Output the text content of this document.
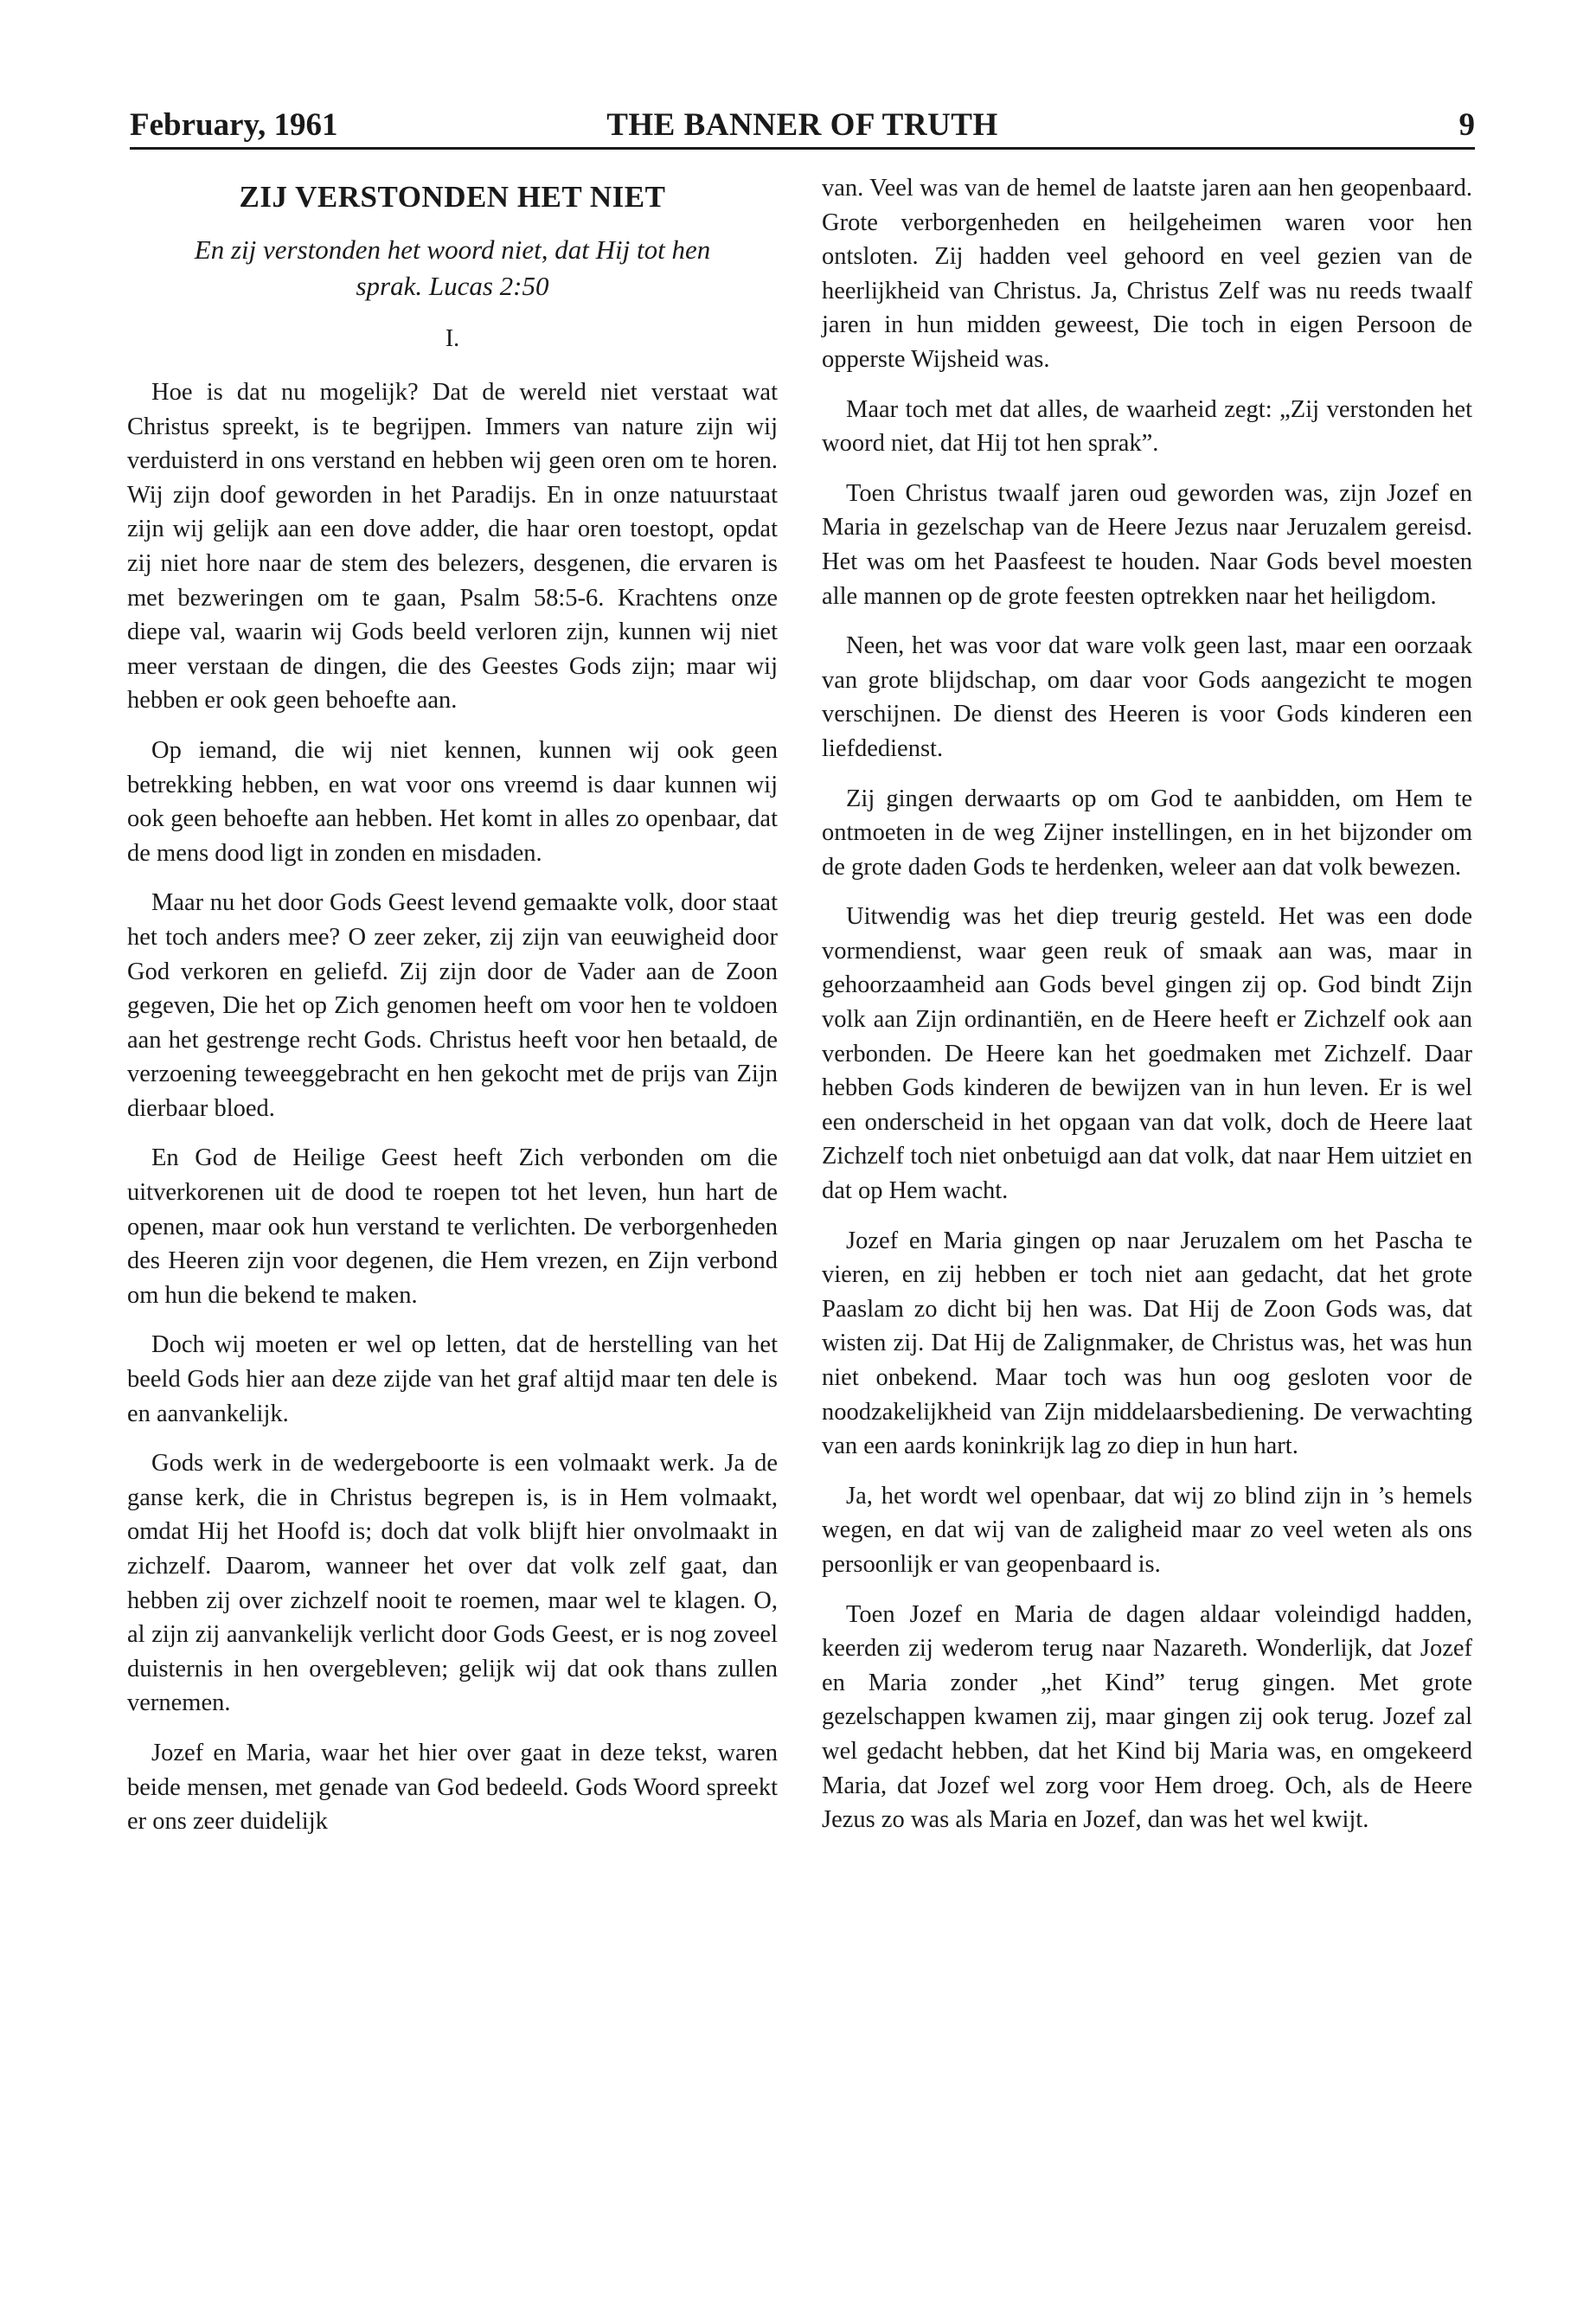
February, 1961	THE BANNER OF TRUTH	9
ZIJ VERSTONDEN HET NIET
En zij verstonden het woord niet, dat Hij tot hen sprak. Lucas 2:50
I.

Hoe is dat nu mogelijk? Dat de wereld niet verstaat wat Christus spreekt, is te begrijpen. Immers van nature zijn wij verduisterd in ons verstand en hebben wij geen oren om te horen. Wij zijn doof geworden in het Paradijs. En in onze natuurstaat zijn wij gelijk aan een dove adder, die haar oren toestopt, opdat zij niet hore naar de stem des belezers, desgenen, die ervaren is met bezweringen om te gaan, Psalm 58:5-6. Krachtens onze diepe val, waarin wij Gods beeld verloren zijn, kunnen wij niet meer verstaan de dingen, die des Geestes Gods zijn; maar wij hebben er ook geen behoefte aan.

Op iemand, die wij niet kennen, kunnen wij ook geen betrekking hebben, en wat voor ons vreemd is daar kunnen wij ook geen behoefte aan hebben. Het komt in alles zo openbaar, dat de mens dood ligt in zonden en misdaden.

Maar nu het door Gods Geest levend gemaakte volk, door staat het toch anders mee? O zeer zeker, zij zijn van eeuwigheid door God verkoren en geliefd. Zij zijn door de Vader aan de Zoon gegeven, Die het op Zich genomen heeft om voor hen te voldoen aan het gestrenge recht Gods. Christus heeft voor hen betaald, de verzoening teweeggebracht en hen gekocht met de prijs van Zijn dierbaar bloed.

En God de Heilige Geest heeft Zich verbonden om die uitverkorenen uit de dood te roepen tot het leven, hun hart de openen, maar ook hun verstand te verlichten. De verborgenheden des Heeren zijn voor degenen, die Hem vrezen, en Zijn verbond om hun die bekend te maken.

Doch wij moeten er wel op letten, dat de herstelling van het beeld Gods hier aan deze zijde van het graf altijd maar ten dele is en aanvankelijk.

Gods werk in de wedergeboorte is een volmaakt werk. Ja de ganse kerk, die in Christus begrepen is, is in Hem volmaakt, omdat Hij het Hoofd is; doch dat volk blijft hier onvolmaakt in zichzelf. Daarom, wanneer het over dat volk zelf gaat, dan hebben zij over zichzelf nooit te roemen, maar wel te klagen. O, al zijn zij aanvankelijk verlicht door Gods Geest, er is nog zoveel duisternis in hen overgebleven; gelijk wij dat ook thans zullen vernemen.

Jozef en Maria, waar het hier over gaat in deze tekst, waren beide mensen, met genade van God bedeeld. Gods Woord spreekt er ons zeer duidelijk

van. Veel was van de hemel de laatste jaren aan hen geopenbaard. Grote verborgenheden en heilgeheimen waren voor hen ontsloten. Zij hadden veel gehoord en veel gezien van de heerlijkheid van Christus. Ja, Christus Zelf was nu reeds twaalf jaren in hun midden geweest, Die toch in eigen Persoon de opperste Wijsheid was.

Maar toch met dat alles, de waarheid zegt: „Zij verstonden het woord niet, dat Hij tot hen sprak”.

Toen Christus twaalf jaren oud geworden was, zijn Jozef en Maria in gezelschap van de Heere Jezus naar Jeruzalem gereisd. Het was om het Paasfeest te houden. Naar Gods bevel moesten alle mannen op de grote feesten optrekken naar het heiligdom.

Neen, het was voor dat ware volk geen last, maar een oorzaak van grote blijdschap, om daar voor Gods aangezicht te mogen verschijnen. De dienst des Heeren is voor Gods kinderen een liefdedienst.

Zij gingen derwaarts op om God te aanbidden, om Hem te ontmoeten in de weg Zijner instellingen, en in het bijzonder om de grote daden Gods te herdenken, weleer aan dat volk bewezen.

Uitwendig was het diep treurig gesteld. Het was een dode vormendienst, waar geen reuk of smaak aan was, maar in gehoorzaamheid aan Gods bevel gingen zij op. God bindt Zijn volk aan Zijn ordinantiën, en de Heere heeft er Zichzelf ook aan verbonden. De Heere kan het goedmaken met Zichzelf. Daar hebben Gods kinderen de bewijzen van in hun leven. Er is wel een onderscheid in het opgaan van dat volk, doch de Heere laat Zichzelf toch niet onbetuigd aan dat volk, dat naar Hem uitziet en dat op Hem wacht.

Jozef en Maria gingen op naar Jeruzalem om het Pascha te vieren, en zij hebben er toch niet aan gedacht, dat het grote Paaslam zo dicht bij hen was. Dat Hij de Zoon Gods was, dat wisten zij. Dat Hij de Zalignmaker, de Christus was, het was hun niet onbekend. Maar toch was hun oog gesloten voor de noodzakelijkheid van Zijn middelaarsbediening. De verwachting van een aards koninkrijk lag zo diep in hun hart.

Ja, het wordt wel openbaar, dat wij zo blind zijn in ’s hemels wegen, en dat wij van de zaligheid maar zo veel weten als ons persoonlijk er van geopenbaard is.

Toen Jozef en Maria de dagen aldaar voleindigd hadden, keerden zij wederom terug naar Nazareth. Wonderlijk, dat Jozef en Maria zonder „het Kind” terug gingen. Met grote gezelschappen kwamen zij, maar gingen zij ook terug. Jozef zal wel gedacht hebben, dat het Kind bij Maria was, en omgekeerd Maria, dat Jozef wel zorg voor Hem droeg. Och, als de Heere Jezus zo was als Maria en Jozef, dan was het wel kwijt.
